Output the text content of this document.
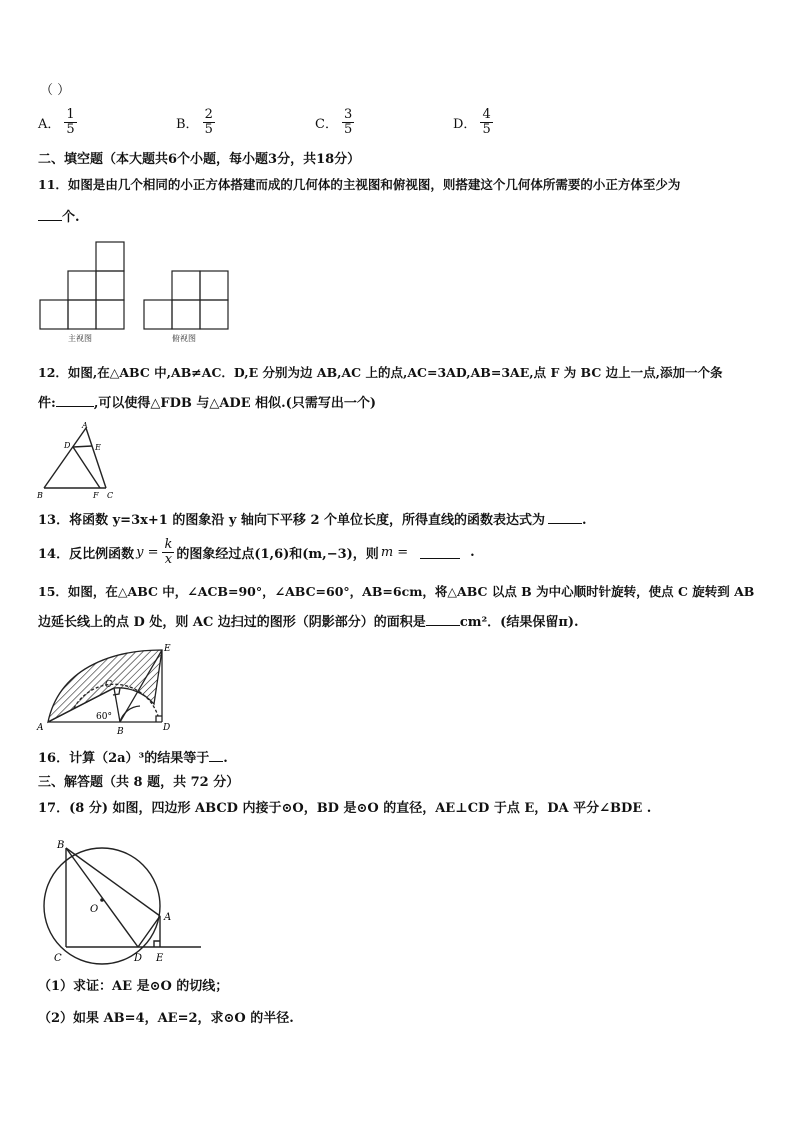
（ ）
A． $\frac{1}{5}$	B． $\frac{2}{5}$	C． $\frac{3}{5}$	D． $\frac{4}{5}$
二、填空题（本大题共6个小题，每小题3分，共18分）
11．如图是由几个相同的小正方体搭建而成的几何体的主视图和俯视图，则搭建这个几何体所需要的小正方体至少为
个.
主视图	俯视图
12．如图,在△ABC 中,AB≠AC．D,E 分别为边 AB,AC 上的点,AC=3AD,AB=3AE,点 F 为 BC 边上一点,添加一个条
件:	,可以使得△FDB 与△ADE 相似.(只需写出一个)
A
D	E
B	F C
13．将函数 y=3x+1 的图象沿 y 轴向下平移 2 个单位长度，所得直线的函数表达式为	.
14．反比例函数 $y = \frac{k}{x}$ 的图象经过点(1,6)和(m,−3)，则 m =	.
15．如图，在△ABC 中，∠ACB=90°，∠ABC=60°，AB=6cm，将△ABC 以点 B 为中心顺时针旋转，使点 C 旋转到 AB
边延长线上的点 D 处，则 AC 边扫过的图形（阴影部分）的面积是	cm²．(结果保留π).
A	B
C
D
E
60°
16．计算（2a）³的结果等于 .
三、解答题（共 8 题，共 72 分）
17．(8 分) 如图，四边形 ABCD 内接于⊙O，BD 是⊙O 的直径，AE⊥CD 于点 E，DA 平分∠BDE .
B
O
A
C	D E
（1）求证：AE 是⊙O 的切线；
（2）如果 AB=4，AE=2，求⊙O 的半径.
